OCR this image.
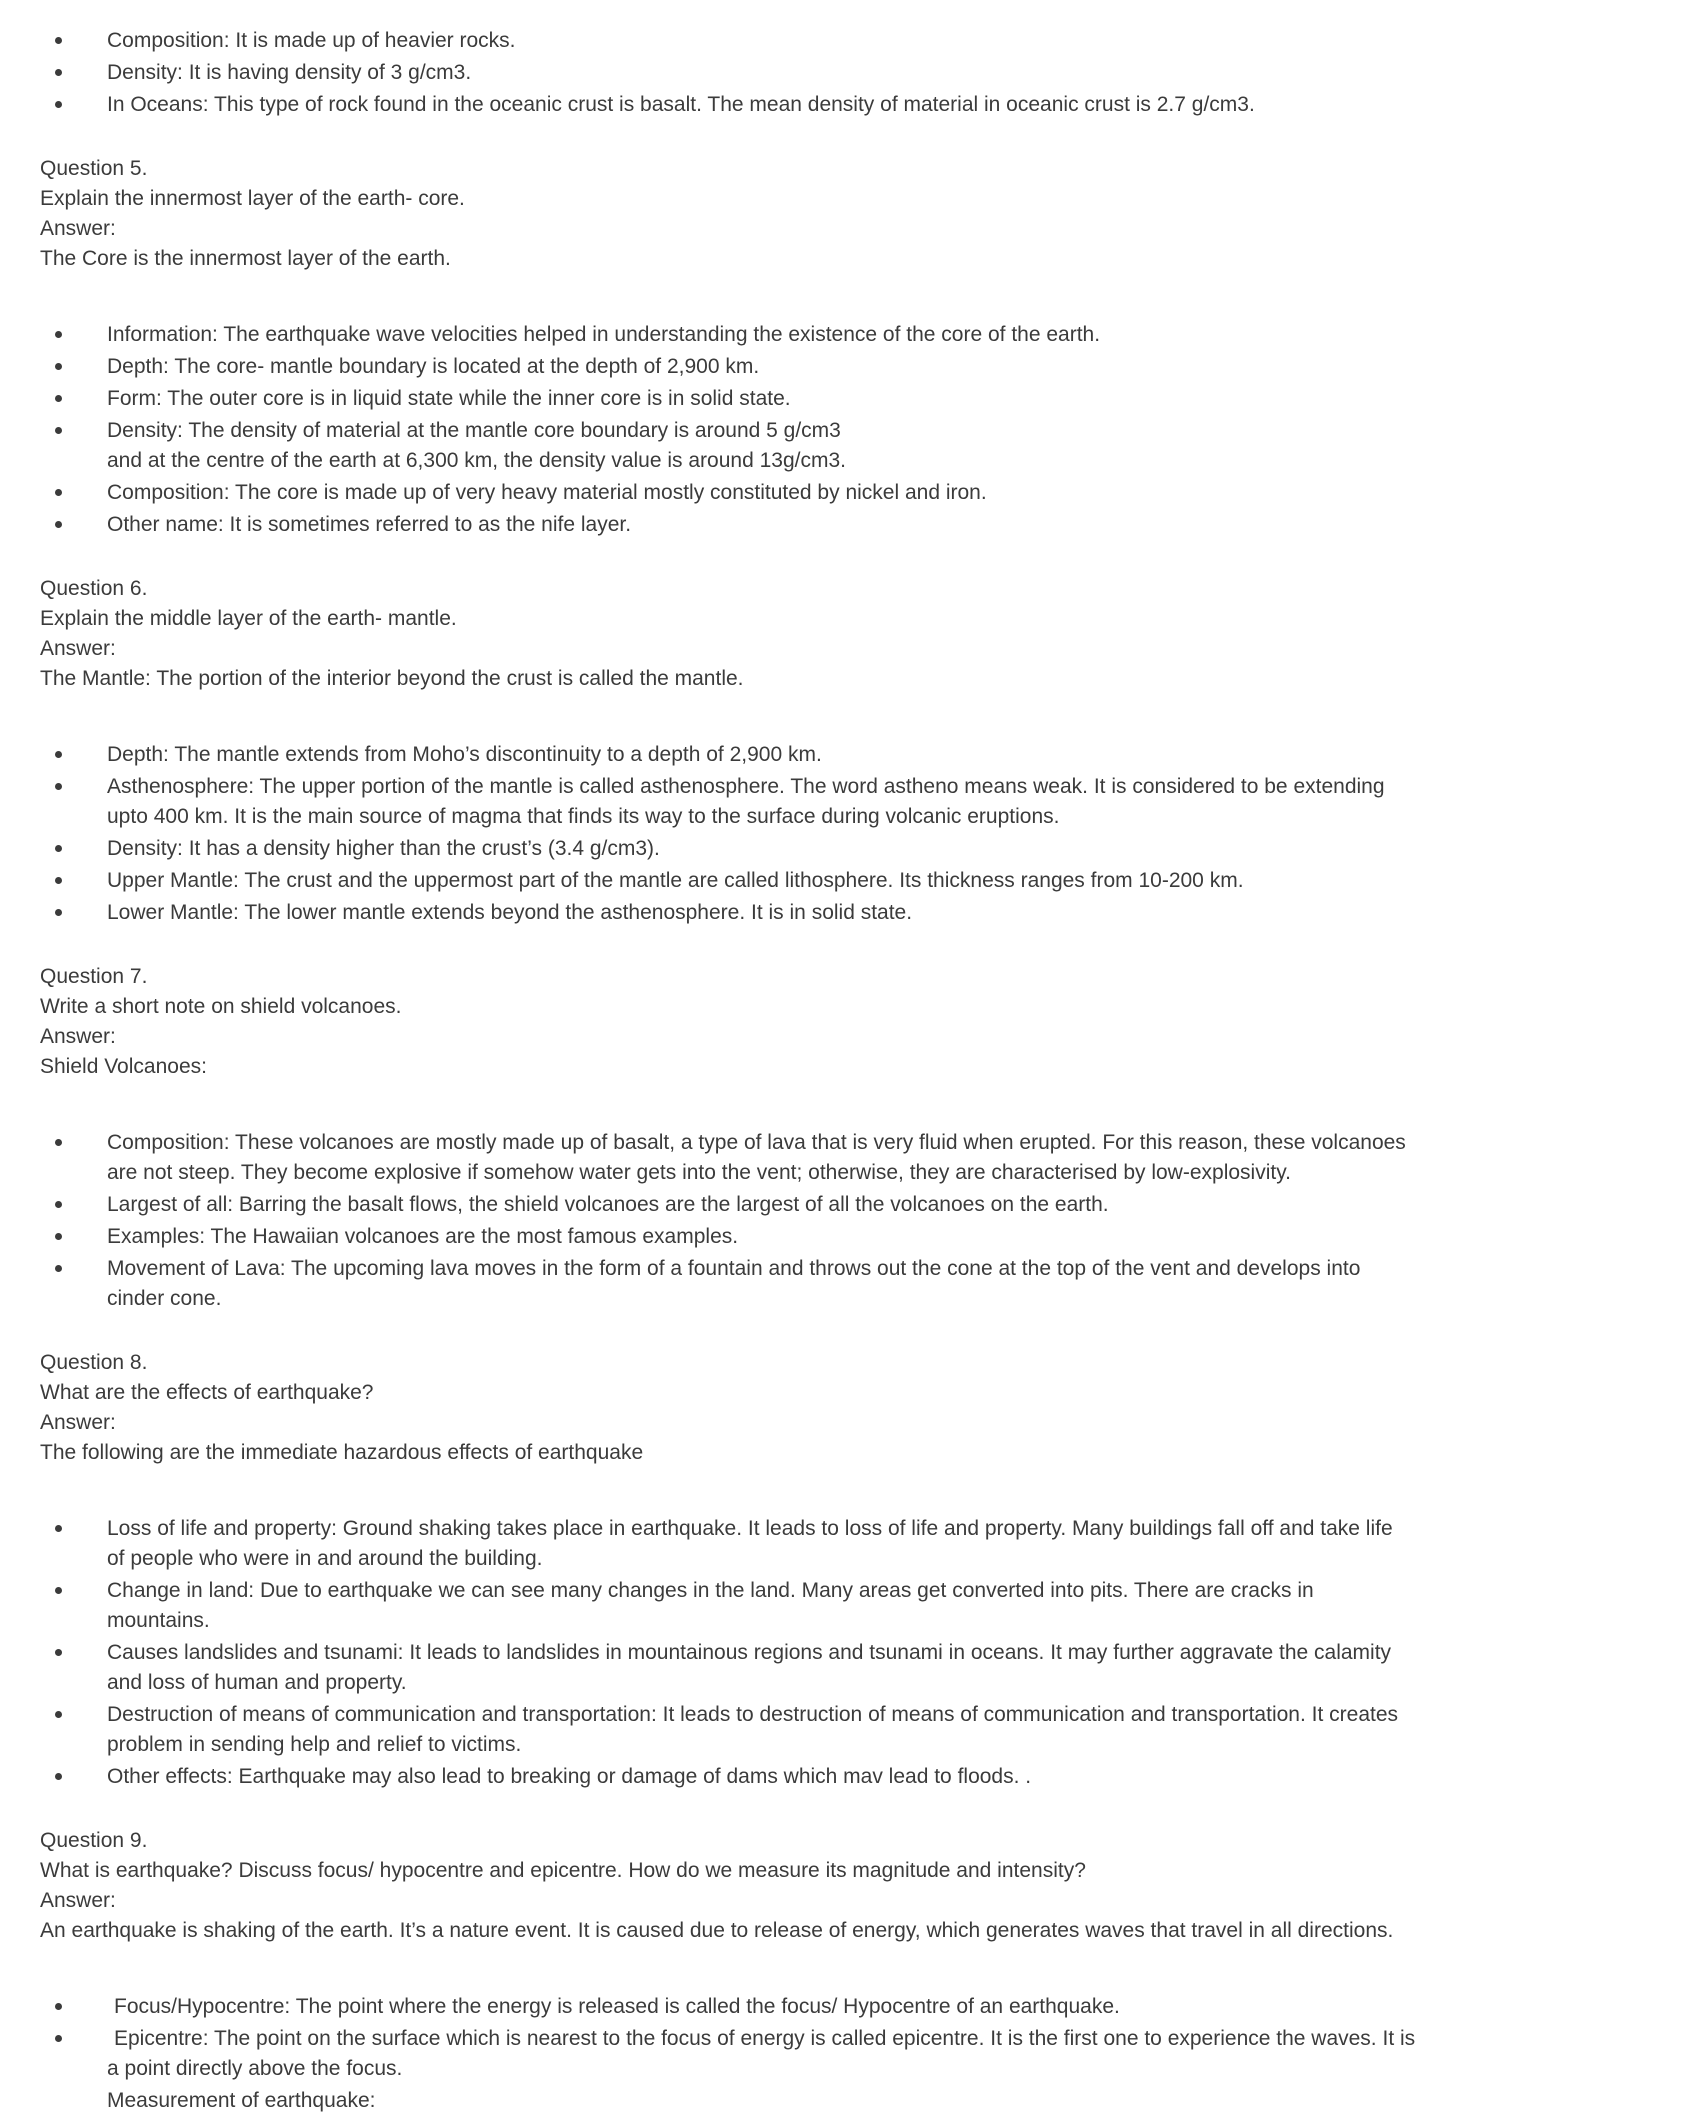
Composition: It is made up of heavier rocks.
Density: It is having density of 3 g/cm3.
In Oceans: This type of rock found in the oceanic crust is basalt. The mean density of material in oceanic crust is 2.7 g/cm3.
Question 5.
Explain the innermost layer of the earth- core.
Answer:
The Core is the innermost layer of the earth.
Information: The earthquake wave velocities helped in understanding the existence of the core of the earth.
Depth: The core- mantle boundary is located at the depth of 2,900 km.
Form: The outer core is in liquid state while the inner core is in solid state.
Density: The density of material at the mantle core boundary is around 5 g/cm3
and at the centre of the earth at 6,300 km, the density value is around 13g/cm3.
Composition: The core is made up of very heavy material mostly constituted by nickel and iron.
Other name: It is sometimes referred to as the nife layer.
Question 6.
Explain the middle layer of the earth- mantle.
Answer:
The Mantle: The portion of the interior beyond the crust is called the mantle.
Depth: The mantle extends from Moho’s discontinuity to a depth of 2,900 km.
Asthenosphere: The upper portion of the mantle is called asthenosphere. The word astheno means weak. It is considered to be extending
upto 400 km. It is the main source of magma that finds its way to the surface during volcanic eruptions.
Density: It has a density higher than the crust’s (3.4 g/cm3).
Upper Mantle: The crust and the uppermost part of the mantle are called lithosphere. Its thickness ranges from 10-200 km.
Lower Mantle: The lower mantle extends beyond the asthenosphere. It is in solid state.
Question 7.
Write a short note on shield volcanoes.
Answer:
Shield Volcanoes:
Composition: These volcanoes are mostly made up of basalt, a type of lava that is very fluid when erupted. For this reason, these volcanoes
are not steep. They become explosive if somehow water gets into the vent; otherwise, they are characterised by low-explosivity.
Largest of all: Barring the basalt flows, the shield volcanoes are the largest of all the volcanoes on the earth.
Examples: The Hawaiian volcanoes are the most famous examples.
Movement of Lava: The upcoming lava moves in the form of a fountain and throws out the cone at the top of the vent and develops into
cinder cone.
Question 8.
What are the effects of earthquake?
Answer:
The following are the immediate hazardous effects of earthquake
Loss of life and property: Ground shaking takes place in earthquake. It leads to loss of life and property. Many buildings fall off and take life
of people who were in and around the building.
Change in land: Due to earthquake we can see many changes in the land. Many areas get converted into pits. There are cracks in
mountains.
Causes landslides and tsunami: It leads to landslides in mountainous regions and tsunami in oceans. It may further aggravate the calamity
and loss of human and property.
Destruction of means of communication and transportation: It leads to destruction of means of communication and transportation. It creates
problem in sending help and relief to victims.
Other effects: Earthquake may also lead to breaking or damage of dams which mav lead to floods. .
Question 9.
What is earthquake? Discuss focus/ hypocentre and epicentre. How do we measure its magnitude and intensity?
Answer:
An earthquake is shaking of the earth. It’s a nature event. It is caused due to release of energy, which generates waves that travel in all directions.
Focus/Hypocentre: The point where the energy is released is called the focus/ Hypocentre of an earthquake.
Epicentre: The point on the surface which is nearest to the focus of energy is called epicentre. It is the first one to experience the waves. It is
a point directly above the focus.
Measurement of earthquake:
